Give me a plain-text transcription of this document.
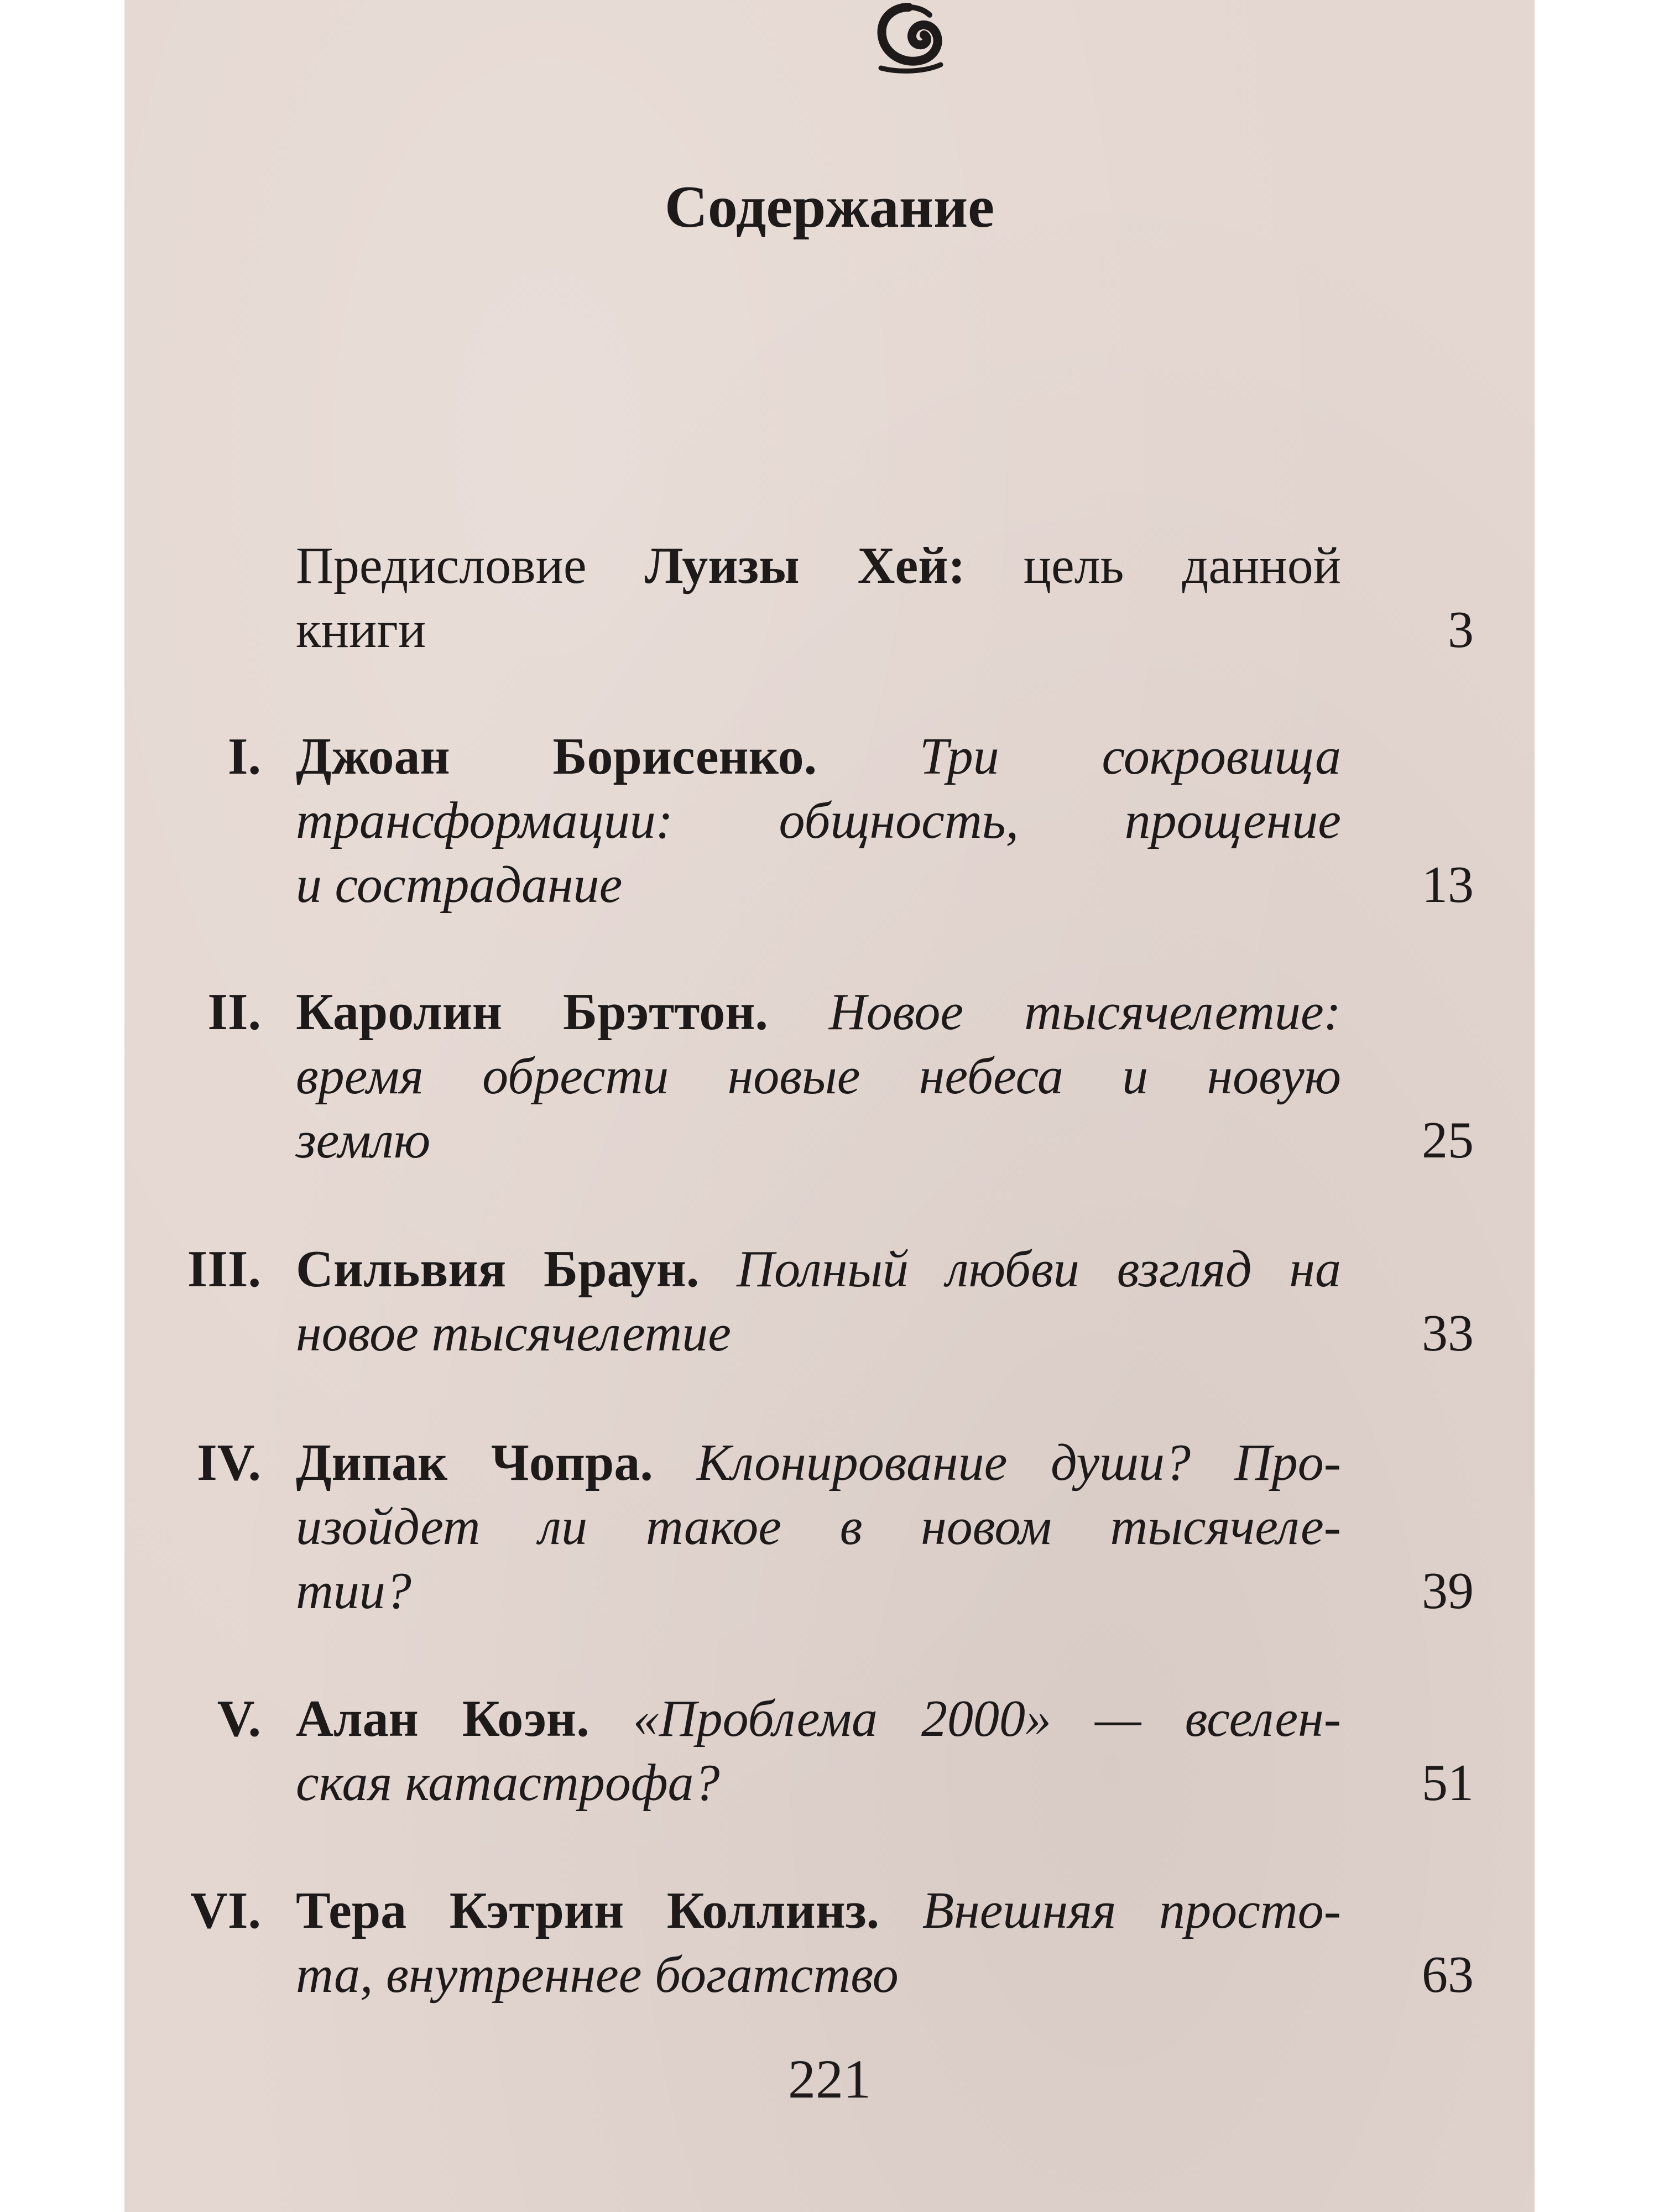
Содержание
Предисловие Луизы Хей: цель данной
книги	3
I. Джоан Борисенко. Три сокровища
трансформации: общность, прощение
и сострадание	13
II. Каролин Брэттон. Новое тысячелетие:
время обрести новые небеса и новую
землю	25
III. Сильвия Браун. Полный любви взгляд на
новое тысячелетие	33
IV. Дипак Чопра. Клонирование души? Про-
изойдет ли такое в новом тысячеле-
тии?	39
V. Алан Коэн. «Проблема 2000» — вселен-
ская катастрофа?	51
VI. Тера Кэтрин Коллинз. Внешняя просто-
та, внутреннее богатство	63
221
